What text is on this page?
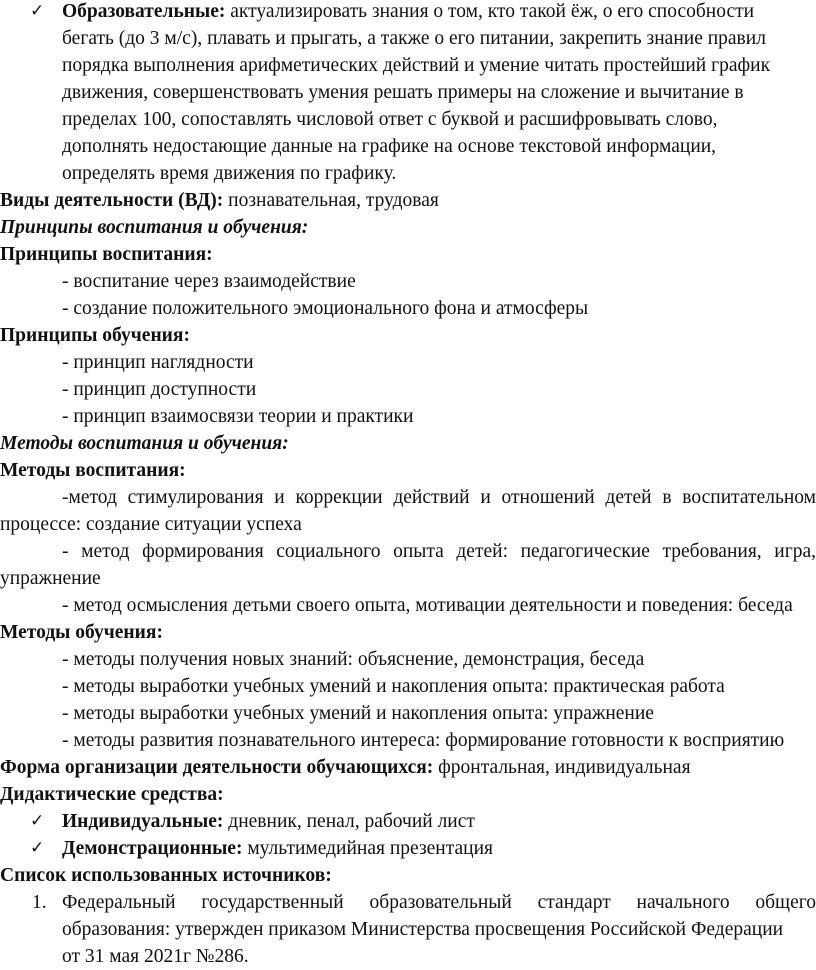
✓ Образовательные: актуализировать знания о том, кто такой ёж, о его способности
бегать (до 3 м/с), плавать и прыгать, а также о его питании, закрепить знание правил
порядка выполнения арифметических действий и умение читать простейший график
движения, совершенствовать умения решать примеры на сложение и вычитание в
пределах 100, сопоставлять числовой ответ с буквой и расшифровывать слово,
дополнять недостающие данные на графике на основе текстовой информации,
определять время движения по графику.
Виды деятельности (ВД): познавательная, трудовая
Принципы воспитания и обучения:
Принципы воспитания:
- воспитание через взаимодействие
- создание положительного эмоционального фона и атмосферы
Принципы обучения:
- принцип наглядности
- принцип доступности
- принцип взаимосвязи теории и практики
Методы воспитания и обучения:
Методы воспитания:
-метод стимулирования и коррекции действий и отношений детей в воспитательном
процессе: создание ситуации успеха
- метод формирования социального опыта детей: педагогические требования, игра,
упражнение
- метод осмысления детьми своего опыта, мотивации деятельности и поведения: беседа
Методы обучения:
- методы получения новых знаний: объяснение, демонстрация, беседа
- методы выработки учебных умений и накопления опыта: практическая работа
- методы выработки учебных умений и накопления опыта: упражнение
- методы развития познавательного интереса: формирование готовности к восприятию
Форма организации деятельности обучающихся: фронтальная, индивидуальная
Дидактические средства:
✓ Индивидуальные: дневник, пенал, рабочий лист
✓ Демонстрационные: мультимедийная презентация
Список использованных источников:
1. Федеральный государственный образовательный стандарт начального общего
образования: утвержден приказом Министерства просвещения Российской Федерации
от 31 мая 2021г №286.
